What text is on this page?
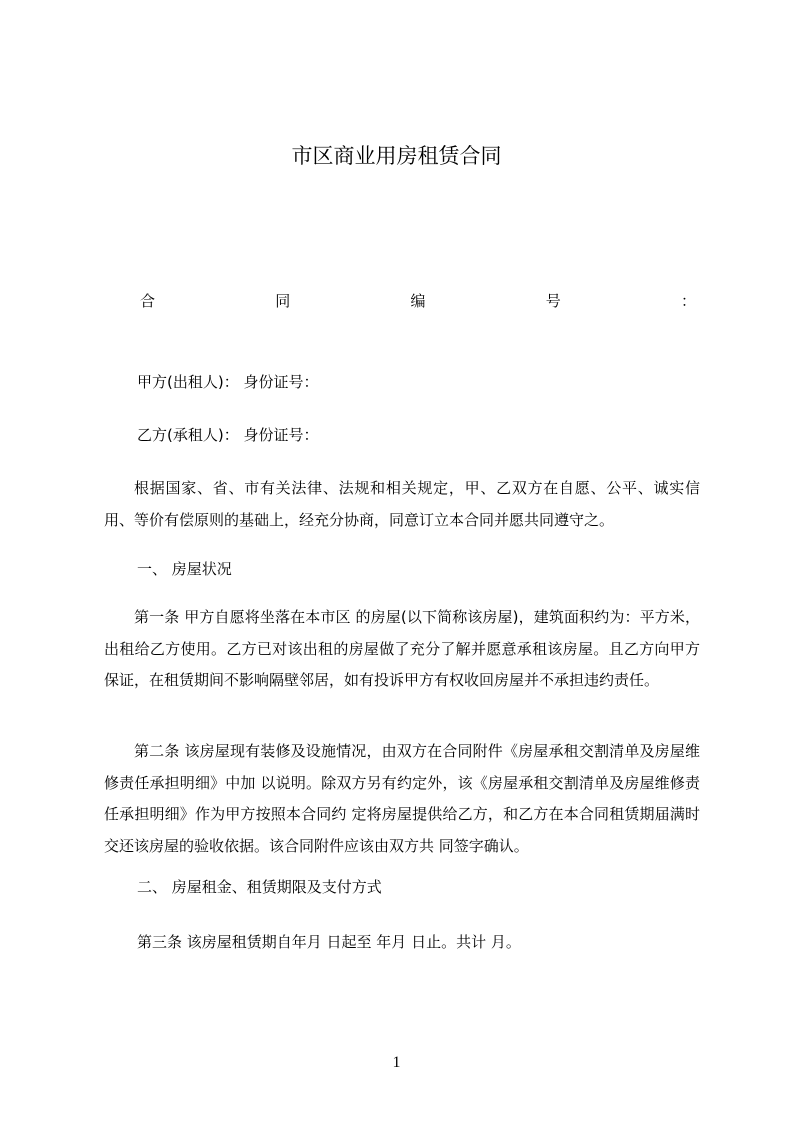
市区商业用房租赁合同
合	同	编	号	：
甲方(出租人)： 身份证号：
乙方(承租人)： 身份证号：
根据国家、省、市有关法律、法规和相关规定，甲、乙双方在自愿、公平、诚实信用、等价有偿原则的基础上，经充分协商，同意订立本合同并愿共同遵守之。
一、 房屋状况
第一条 甲方自愿将坐落在本市区 的房屋(以下简称该房屋)，建筑面积约为：平方米，出租给乙方使用。乙方已对该出租的房屋做了充分了解并愿意承租该房屋。且乙方向甲方保证，在租赁期间不影响隔壁邻居，如有投诉甲方有权收回房屋并不承担违约责任。
第二条 该房屋现有装修及设施情况，由双方在合同附件《房屋承租交割清单及房屋维修责任承担明细》中加 以说明。除双方另有约定外，该《房屋承租交割清单及房屋维修责任承担明细》作为甲方按照本合同约 定将房屋提供给乙方，和乙方在本合同租赁期届满时交还该房屋的验收依据。该合同附件应该由双方共 同签字确认。
二、 房屋租金、租赁期限及支付方式
第三条 该房屋租赁期自年月 日起至 年月 日止。共计 月。
1
